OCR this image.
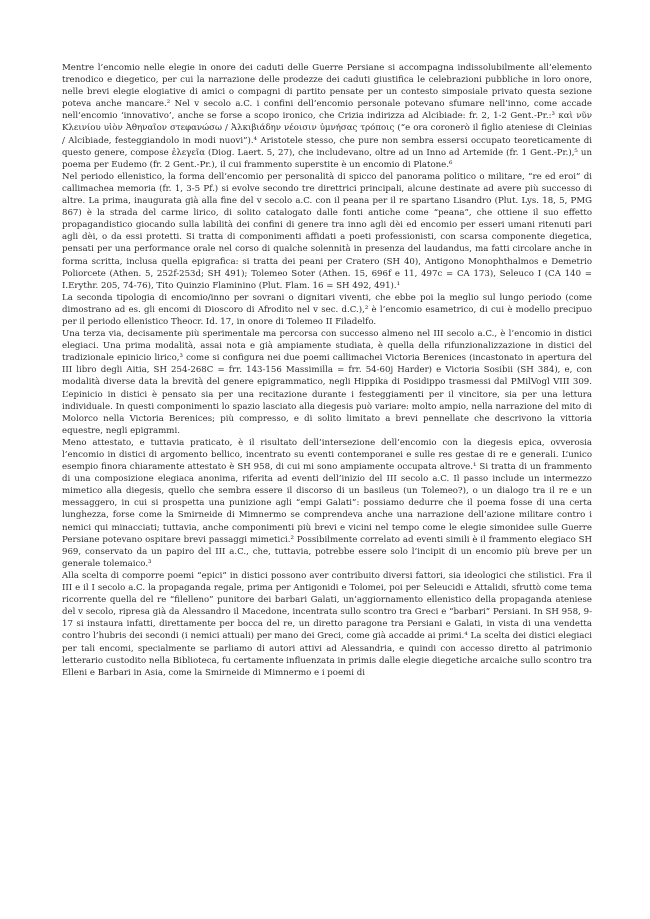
Mentre l’encomio nelle elegie in onore dei caduti delle Guerre Persiane si accompagna indissolubilmente all’elemento trenodico e diegetico, per cui la narrazione delle prodezze dei caduti giustifica le celebrazioni pubbliche in loro onore, nelle brevi elegie elogiative di amici o compagni di partito pensate per un contesto simposiale privato questa sezione poteva anche mancare.² Nel v secolo a.C. i confini dell’encomio personale potevano sfumare nell’inno, come accade nell’encomio ‘innovativo’, anche se forse a scopo ironico, che Crizia indirizza ad Alcibiade: fr. 2, 1-2 Gent.-Pr.:³ καὶ νῦν Κλεινίου υἱὸν Ἀθηναῖον στεφανώσω / Ἀλκιβιάδην νέοισιν ὑμνήσας τρόποις (“e ora coronerò il figlio ateniese di Cleinias / Alcibiade, festeggiandolo in modi nuovi”).⁴ Aristotele stesso, che pure non sembra essersi occupato teoreticamente di questo genere, compose ἐλεγεῖα (Diog. Laert. 5, 27), che includevano, oltre ad un Inno ad Artemide (fr. 1 Gent.-Pr.),⁵ un poema per Eudemo (fr. 2 Gent.-Pr.), il cui frammento superstite è un encomio di Platone.⁶

Nel periodo ellenistico, la forma dell’encomio per personalità di spicco del panorama politico o militare, “re ed eroi” di callimachea memoria (fr. 1, 3-5 Pf.) si evolve secondo tre direttrici principali, alcune destinate ad avere più successo di altre. La prima, inaugurata già alla fine del v secolo a.C. con il peana per il re spartano Lisandro (Plut. Lys. 18, 5, PMG 867) è la strada del carme lirico, di solito catalogato dalle fonti antiche come “peana”, che ottiene il suo effetto propagandistico giocando sulla labilità dei confini di genere tra inno agli dèi ed encomio per esseri umani ritenuti pari agli dèi, o da essi protetti. Si tratta di componimenti affidati a poeti professionisti, con scarsa componente diegetica, pensati per una performance orale nel corso di qualche solennità in presenza del laudandus, ma fatti circolare anche in forma scritta, inclusa quella epigrafica: si tratta dei peani per Cratero (SH 40), Antigono Monophthalmos e Demetrio Poliorcete (Athen. 5, 252f-253d; SH 491); Tolemeo Soter (Athen. 15, 696f e 11, 497c = CA 173), Seleuco I (CA 140 = I.Erythr. 205, 74-76), Tito Quinzio Flaminino (Plut. Flam. 16 = SH 492, 491).¹

La seconda tipologia di encomio/inno per sovrani o dignitari viventi, che ebbe poi la meglio sul lungo periodo (come dimostrano ad es. gli encomi di Dioscoro di Afrodito nel v sec. d.C.),² è l’encomio esametrico, di cui è modello precipuo per il periodo ellenistico Theocr. Id. 17, in onore di Tolemeo II Filadelfo.

Una terza via, decisamente più sperimentale ma percorsa con successo almeno nel III secolo a.C., è l’encomio in distici elegiaci. Una prima modalità, assai nota e già ampiamente studiata, è quella della rifunzionalizzazione in distici del tradizionale epinicio lirico,³ come si configura nei due poemi callimachei Victoria Berenices (incastonato in apertura del III libro degli Aitia, SH 254-268C = frr. 143-156 Massimilla = frr. 54-60j Harder) e Victoria Sosibii (SH 384), e, con modalità diverse data la brevità del genere epigrammatico, negli Hippika di Posidippo trasmessi dal PMilVogl VIII 309. L’epinicio in distici è pensato sia per una recitazione durante i festeggiamenti per il vincitore, sia per una lettura individuale. In questi componimenti lo spazio lasciato alla diegesis può variare: molto ampio, nella narrazione del mito di Molorco nella Victoria Berenices; più compresso, e di solito limitato a brevi pennellate che descrivono la vittoria equestre, negli epigrammi.

Meno attestato, e tuttavia praticato, è il risultato dell’intersezione dell’encomio con la diegesis epica, ovverosia l’encomio in distici di argomento bellico, incentrato su eventi contemporanei e sulle res gestae di re e generali. L’unico esempio finora chiaramente attestato è SH 958, di cui mi sono ampiamente occupata altrove.¹ Si tratta di un frammento di una composizione elegiaca anonima, riferita ad eventi dell’inizio del III secolo a.C. Il passo include un intermezzo mimetico alla diegesis, quello che sembra essere il discorso di un basileus (un Tolemeo?), o un dialogo tra il re e un messaggero, in cui si prospetta una punizione agli “empi Galati”: possiamo dedurre che il poema fosse di una certa lunghezza, forse come la Smirneide di Mimnermo se comprendeva anche una narrazione dell’azione militare contro i nemici qui minacciati; tuttavia, anche componimenti più brevi e vicini nel tempo come le elegie simonidee sulle Guerre Persiane potevano ospitare brevi passaggi mimetici.² Possibilmente correlato ad eventi simili è il frammento elegiaco SH 969, conservato da un papiro del III a.C., che, tuttavia, potrebbe essere solo l’incipit di un encomio più breve per un generale tolemaico.³

Alla scelta di comporre poemi “epici” in distici possono aver contribuito diversi fattori, sia ideologici che stilistici. Fra il III e il I secolo a.C. la propaganda regale, prima per Antigonidi e Tolomei, poi per Seleucidi e Attalidi, sfruttò come tema ricorrente quella del re “filelleno” punitore dei barbari Galati, un’aggiornamento ellenistico della propaganda ateniese del v secolo, ripresa già da Alessandro il Macedone, incentrata sullo scontro tra Greci e “barbari” Persiani. In SH 958, 9-17 si instaura infatti, direttamente per bocca del re, un diretto paragone tra Persiani e Galati, in vista di una vendetta contro l’hubris dei secondi (i nemici attuali) per mano dei Greci, come già accadde ai primi.⁴ La scelta dei distici elegiaci per tali encomi, specialmente se parliamo di autori attivi ad Alessandria, e quindi con accesso diretto al patrimonio letterario custodito nella Biblioteca, fu certamente influenzata in primis dalle elegie diegetiche arcaiche sullo scontro tra Elleni e Barbari in Asia, come la Smirneide di Mimnermo e i poemi di
